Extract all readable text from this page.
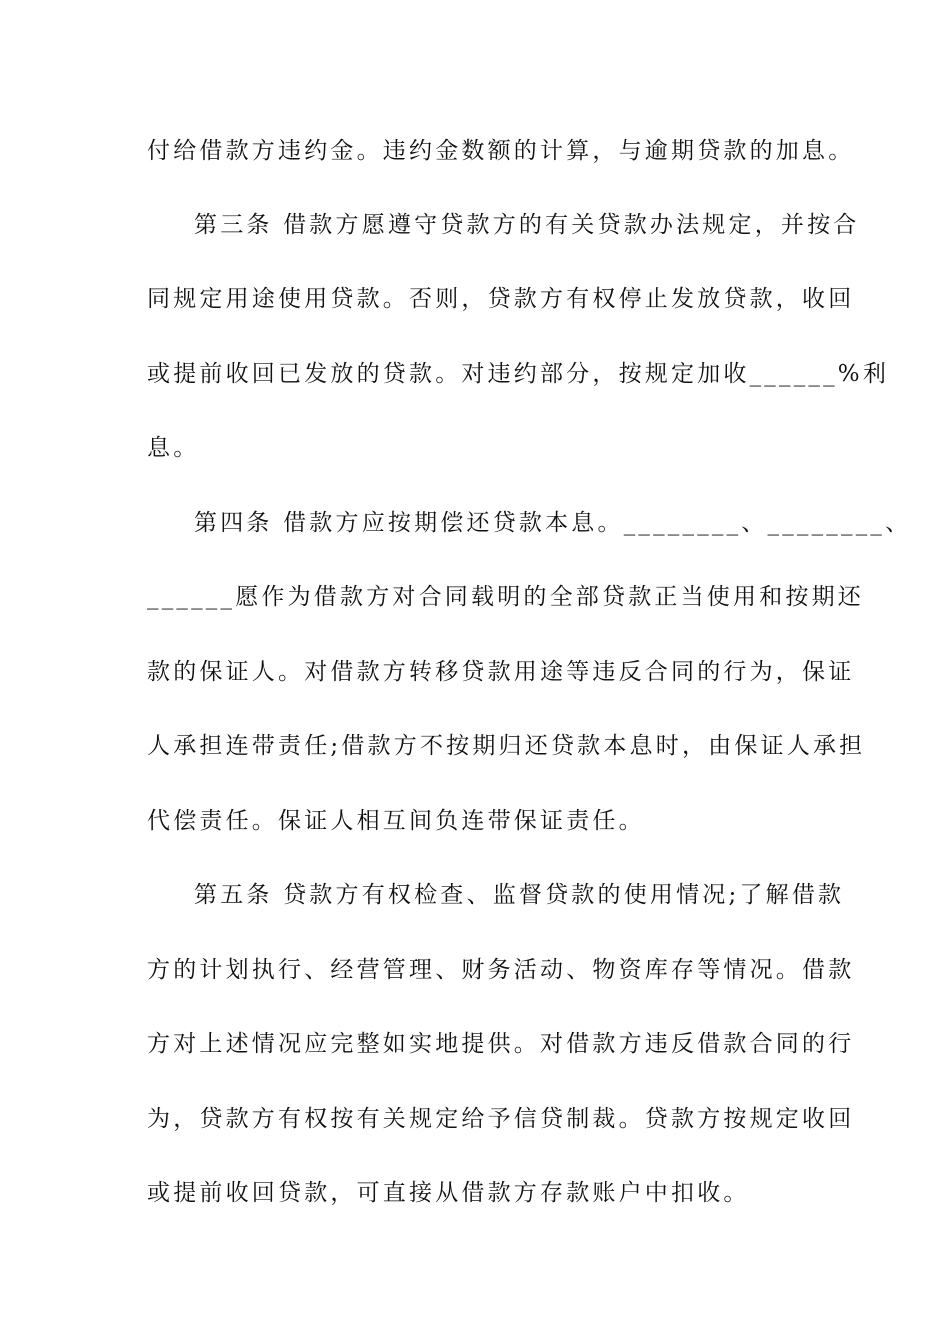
付给借款方违约金。违约金数额的计算，与逾期贷款的加息。
第三条 借款方愿遵守贷款方的有关贷款办法规定，并按合
同规定用途使用贷款。否则，贷款方有权停止发放贷款，收回
或提前收回已发放的贷款。对违约部分，按规定加收______%利
息。
第四条 借款方应按期偿还贷款本息。________、________、
______愿作为借款方对合同载明的全部贷款正当使用和按期还
款的保证人。对借款方转移贷款用途等违反合同的行为，保证
人承担连带责任;借款方不按期归还贷款本息时，由保证人承担
代偿责任。保证人相互间负连带保证责任。
第五条 贷款方有权检查、监督贷款的使用情况;了解借款
方的计划执行、经营管理、财务活动、物资库存等情况。借款
方对上述情况应完整如实地提供。对借款方违反借款合同的行
为，贷款方有权按有关规定给予信贷制裁。贷款方按规定收回
或提前收回贷款，可直接从借款方存款账户中扣收。
